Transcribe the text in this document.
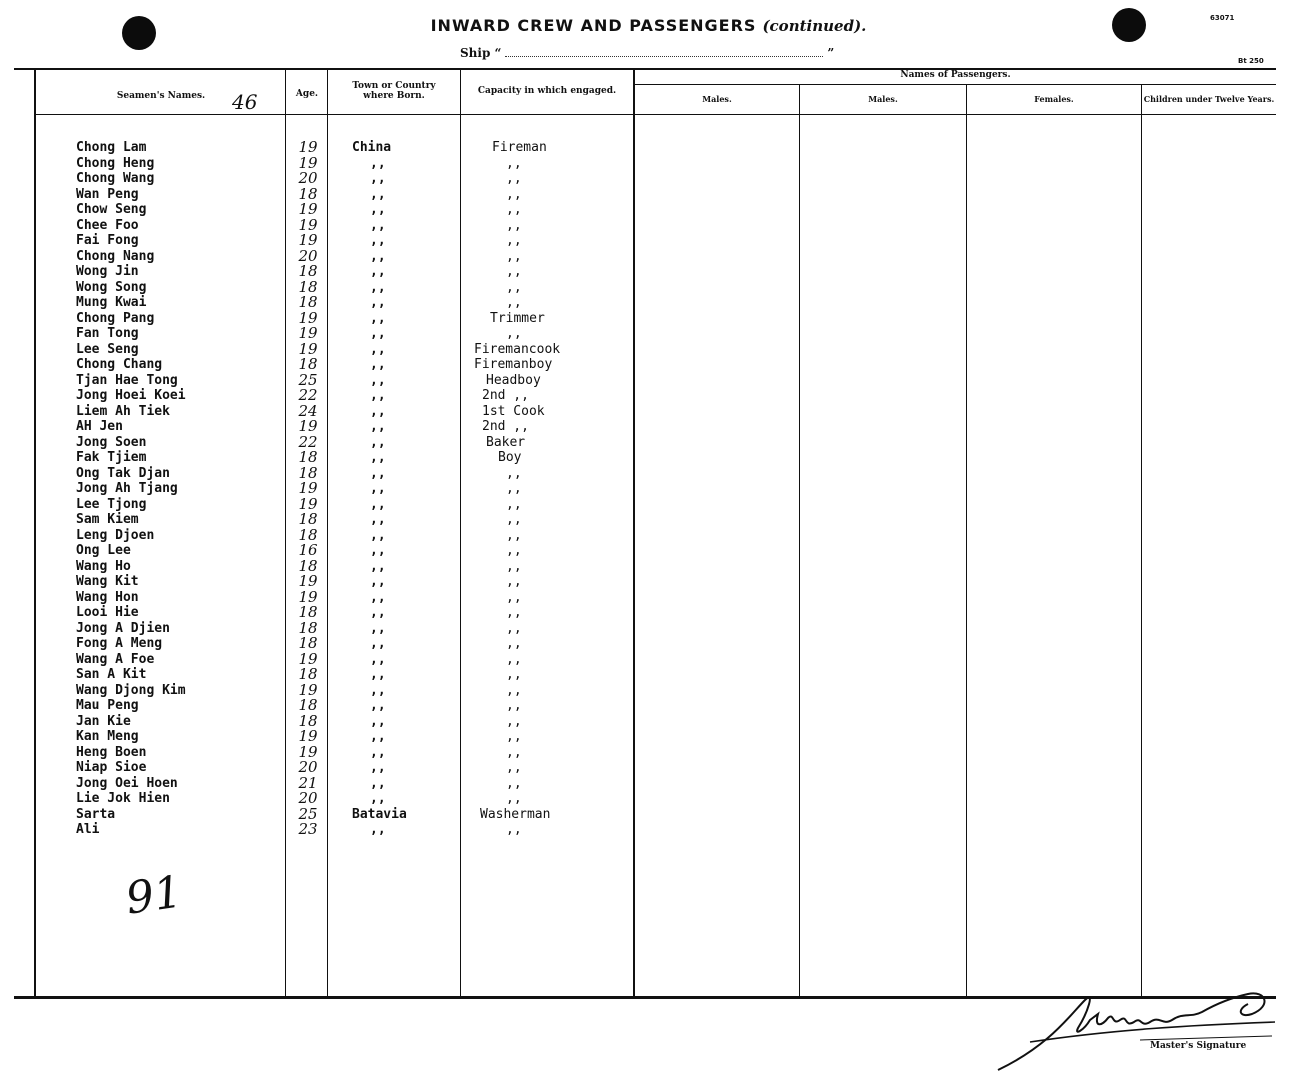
INWARD CREW AND PASSENGERS (continued).
Ship “	”
63071
Bt 250
Seamen's Names.	Age.
Town or Country where Born.	Capacity in which engaged.
Names of Passengers.
Males.	Males.	Females.	Children under Twelve Years.
46
91
Chong Lam	19	China	Fireman
Chong Heng	19	,,	,,
Chong Wang	20	,,	,,
Wan Peng	18	,,	,,
Chow Seng	19	,,	,,
Chee Foo	19	,,	,,
Fai Fong	19	,,	,,
Chong Nang	20	,,	,,
Wong Jin	18	,,	,,
Wong Song	18	,,	,,
Mung Kwai	18	,,	,,
Chong Pang	19	,,	Trimmer
Fan Tong	19	,,	,,
Lee Seng	19	,,	Firemancook
Chong Chang	18	,,	Firemanboy
Tjan Hae Tong	25	,,	Headboy
Jong Hoei Koei	22	,,	2nd ,,
Liem Ah Tiek	24	,,	1st Cook
AH Jen	19	,,	2nd ,,
Jong Soen	22	,,	Baker
Fak Tjiem	18	,,	Boy
Ong Tak Djan	18	,,	,,
Jong Ah Tjang	19	,,	,,
Lee Tjong	19	,,	,,
Sam Kiem	18	,,	,,
Leng Djoen	18	,,	,,
Ong Lee	16	,,	,,
Wang Ho	18	,,	,,
Wang Kit	19	,,	,,
Wang Hon	19	,,	,,
Looi Hie	18	,,	,,
Jong A Djien	18	,,	,,
Fong A Meng	18	,,	,,
Wang A Foe	19	,,	,,
San A Kit	18	,,	,,
Wang Djong Kim	19	,,	,,
Mau Peng	18	,,	,,
Jan Kie	18	,,	,,
Kan Meng	19	,,	,,
Heng Boen	19	,,	,,
Niap Sioe	20	,,	,,
Jong Oei Hoen	21	,,	,,
Lie Jok Hien	20	,,	,,
Sarta	25	Batavia	Washerman
Ali	23	,,	,,
Master's Signature
